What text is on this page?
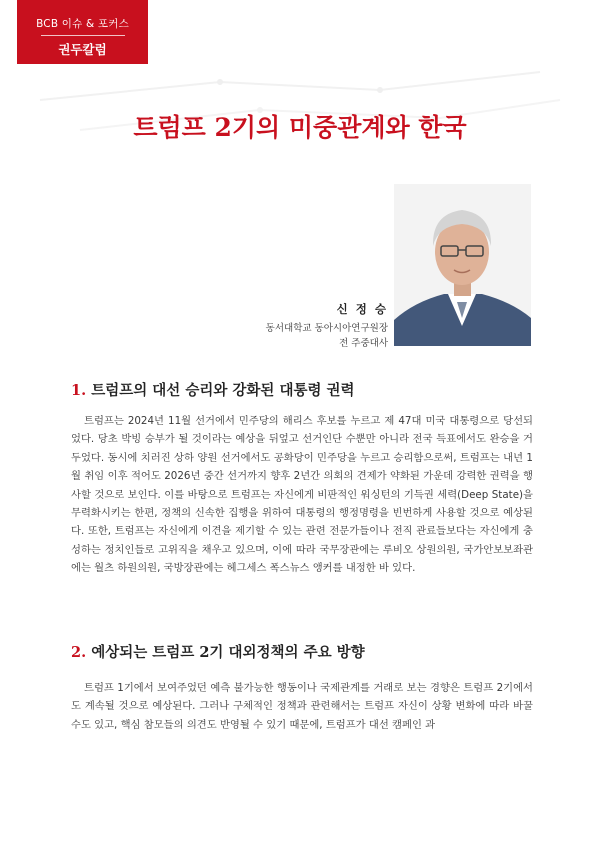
BCB 이슈 & 포커스
권두칼럼
트럼프 2기의 미중관계와 한국
신 정 승
동서대학교 동아시아연구원장
전 주중대사
1. 트럼프의 대선 승리와 강화된 대통령 권력

트럼프는 2024년 11월 선거에서 민주당의 해리스 후보를 누르고 제 47대 미국 대통령으로 당선되었다. 당초 박빙 승부가 될 것이라는 예상을 뒤엎고 선거인단 수뿐만 아니라 전국 득표에서도 완승을 거두었다. 동시에 치러진 상하 양원 선거에서도 공화당이 민주당을 누르고 승리함으로써, 트럼프는 내년 1월 취임 이후 적어도 2026년 중간 선거까지 향후 2년간 의회의 견제가 약화된 가운데 강력한 권력을 행사할 것으로 보인다. 이를 바탕으로 트럼프는 자신에게 비판적인 워싱턴의 기득권 세력(Deep State)을 무력화시키는 한편, 정책의 신속한 집행을 위하여 대통령의 행정명령을 빈번하게 사용할 것으로 예상된다. 또한, 트럼프는 자신에게 이견을 제기할 수 있는 관련 전문가들이나 전직 관료들보다는 자신에게 충성하는 정치인들로 고위직을 채우고 있으며, 이에 따라 국무장관에는 루비오 상원의원, 국가안보보좌관에는 월츠 하원의원, 국방장관에는 헤그세스 폭스뉴스 앵커를 내정한 바 있다.

2. 예상되는 트럼프 2기 대외정책의 주요 방향

트럼프 1기에서 보여주었던 예측 불가능한 행동이나 국제관계를 거래로 보는 경향은 트럼프 2기에서도 계속될 것으로 예상된다. 그러나 구체적인 정책과 관련해서는 트럼프 자신이 상황 변화에 따라 바꿀 수도 있고, 핵심 참모들의 의견도 반영될 수 있기 때문에, 트럼프가 대선 캠페인 과
